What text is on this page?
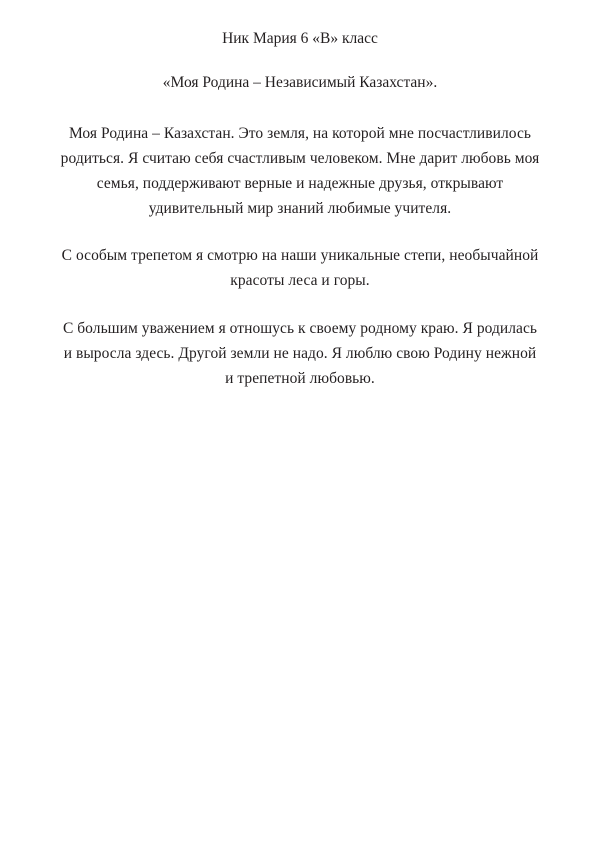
Ник Мария 6 «В» класс
«Моя Родина – Независимый Казахстан».

Моя Родина – Казахстан. Это земля, на которой мне посчастливилось родиться. Я считаю себя счастливым человеком. Мне дарит любовь моя семья, поддерживают верные и надежные друзья, открывают удивительный мир знаний любимые учителя.

С особым трепетом я смотрю на наши уникальные степи, необычайной красоты леса и горы.

С большим уважением я отношусь к своему родному краю. Я родилась и выросла здесь. Другой земли не надо. Я люблю свою Родину нежной и трепетной любовью.
